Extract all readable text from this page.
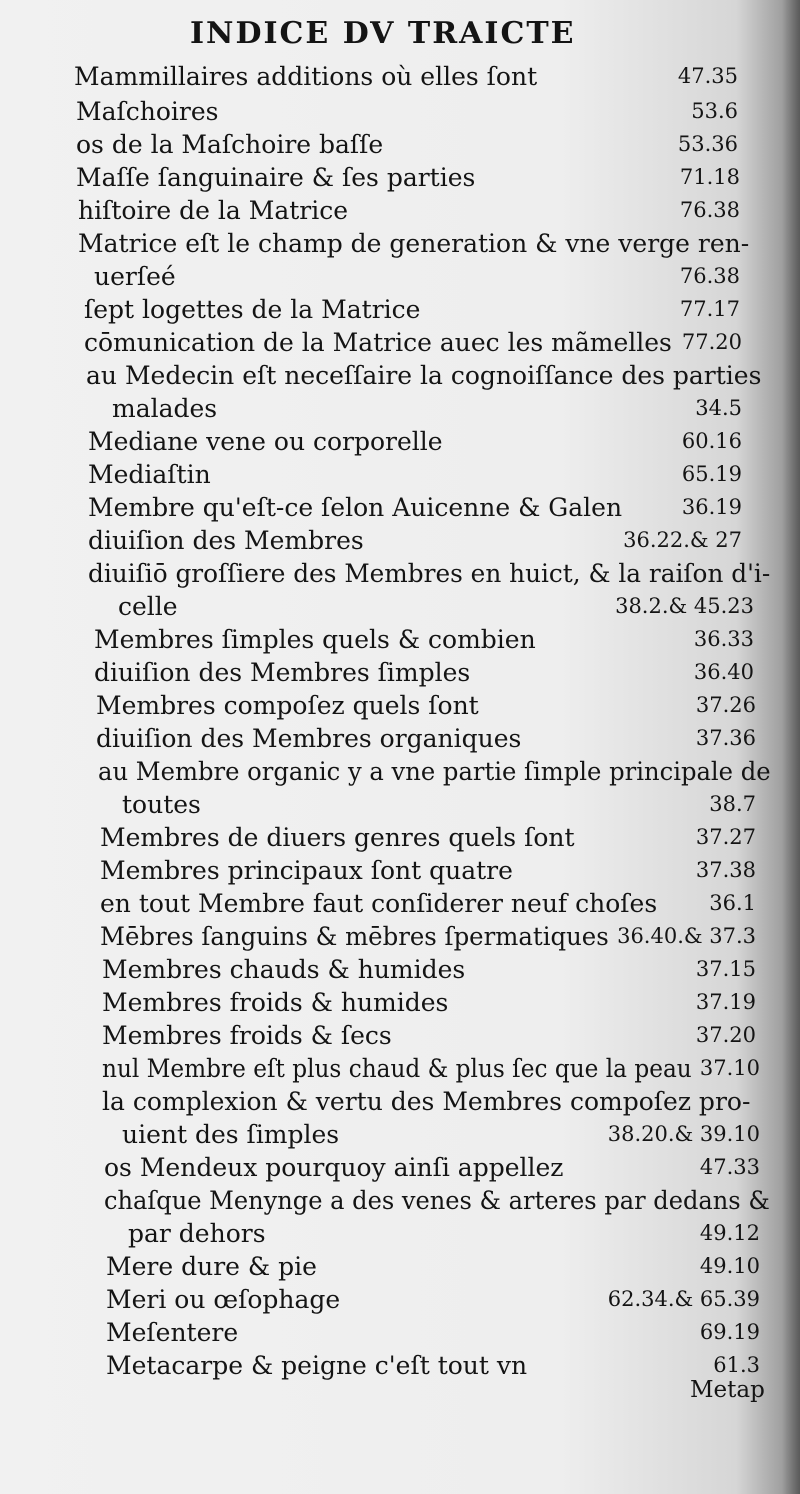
INDICE DV TRAICTE
Mammillaires additions où elles ſont	47.35
Maſchoires	53.6
os de la Maſchoire baſſe	53.36
Maſſe ſanguinaire & ſes parties	71.18
hiſtoire de la Matrice	76.38
Matrice eſt le champ de generation & vne verge ren-
uerſeé	76.38
ſept logettes de la Matrice	77.17
cōmunication de la Matrice auec les mãmelles 77.20
au Medecin eſt neceſſaire la cognoiſſance des parties
malades	34.5
Mediane vene ou corporelle	60.16
Mediaſtin	65.19
Membre qu'eſt-ce ſelon Auicenne & Galen	36.19
diuiſion des Membres	36.22.& 27
diuiſiō groſſiere des Membres en huict, & la raiſon d'i-
celle	38.2.& 45.23
Membres ſimples quels & combien	36.33
diuiſion des Membres ſimples	36.40
Membres compoſez quels ſont	37.26
diuiſion des Membres organiques	37.36
au Membre organic y a vne partie ſimple principale de
toutes	38.7
Membres de diuers genres quels ſont	37.27
Membres principaux ſont quatre	37.38
en tout Membre faut conſiderer neuf choſes 36.1
Mēbres ſanguins & mēbres ſpermatiques 36.40.& 37.3
Membres chauds & humides	37.15
Membres froids & humides	37.19
Membres froids & ſecs	37.20
nul Membre eſt plus chaud & plus ſec que la peau 37.10
la complexion & vertu des Membres compoſez pro-
uient des ſimples	38.20.& 39.10
os Mendeux pourquoy ainſi appellez	47.33
chaſque Menynge a des venes & arteres par dedans &
par dehors	49.12
Mere dure & pie	49.10
Meri ou œſophage	62.34.& 65.39
Meſentere	69.19
Metacarpe & peigne c'eſt tout vn	61.3
Metap
